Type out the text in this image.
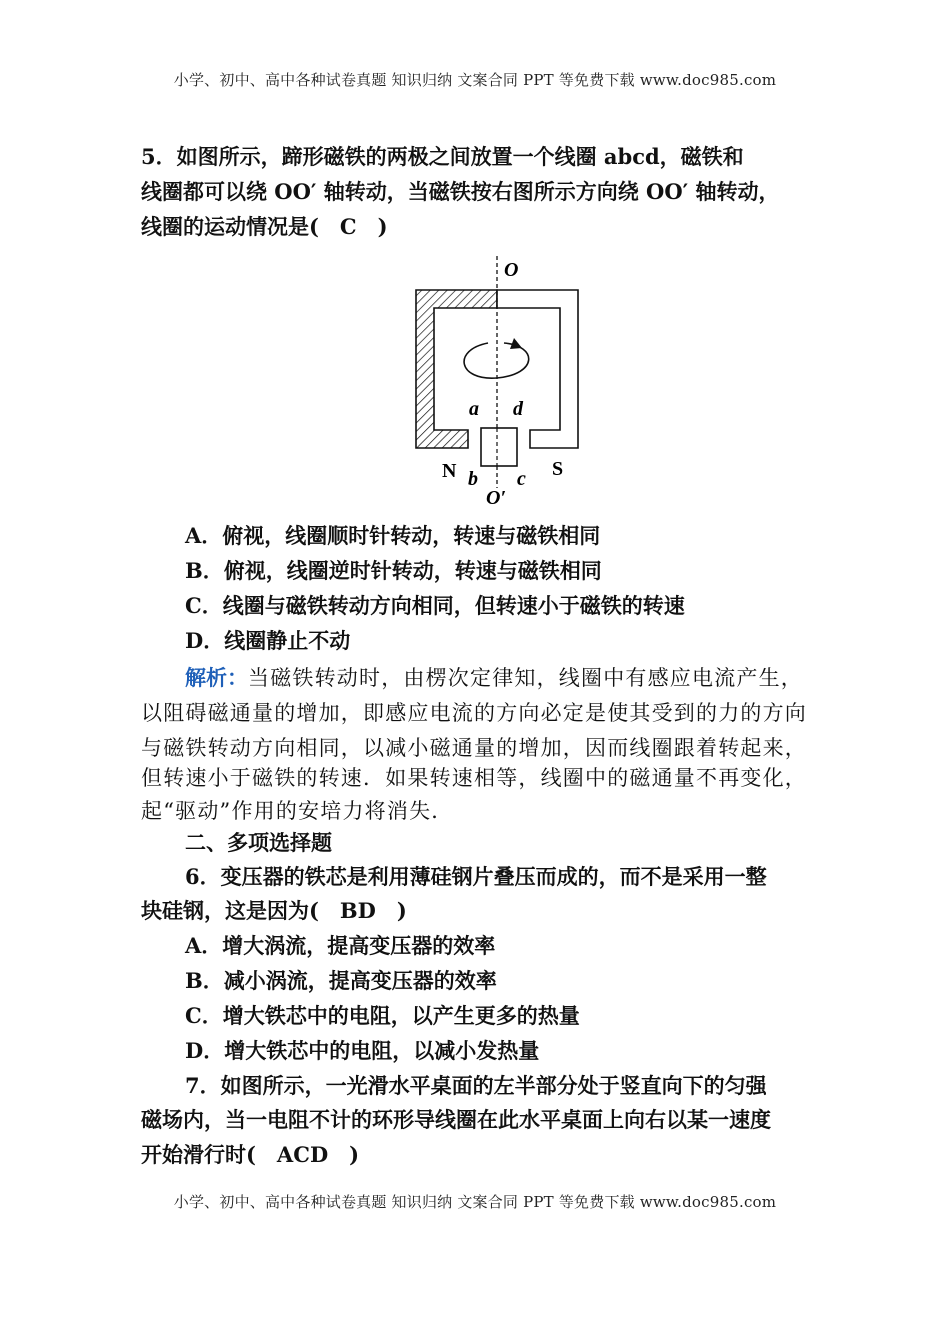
小学、初中、高中各种试卷真题 知识归纳 文案合同 PPT 等免费下载 www.doc985.com
5．如图所示，蹄形磁铁的两极之间放置一个线圈 abcd，磁铁和
线圈都可以绕 OO′ 轴转动，当磁铁按右图所示方向绕 OO′ 轴转动，
线圈的运动情况是(　C　)
O
a d
N	S
b c
O′
A．俯视，线圈顺时针转动，转速与磁铁相同
B．俯视，线圈逆时针转动，转速与磁铁相同
C．线圈与磁铁转动方向相同，但转速小于磁铁的转速
D．线圈静止不动
解析：当磁铁转动时，由楞次定律知，线圈中有感应电流产生，
以阻碍磁通量的增加，即感应电流的方向必定是使其受到的力的方向
与磁铁转动方向相同，以减小磁通量的增加，因而线圈跟着转起来，
但转速小于磁铁的转速．如果转速相等，线圈中的磁通量不再变化，
起“驱动”作用的安培力将消失．
二、多项选择题
6．变压器的铁芯是利用薄硅钢片叠压而成的，而不是采用一整
块硅钢，这是因为(　BD　)
A．增大涡流，提高变压器的效率
B．减小涡流，提高变压器的效率
C．增大铁芯中的电阻，以产生更多的热量
D．增大铁芯中的电阻，以减小发热量
7．如图所示，一光滑水平桌面的左半部分处于竖直向下的匀强
磁场内，当一电阻不计的环形导线圈在此水平桌面上向右以某一速度
开始滑行时(　ACD　)
小学、初中、高中各种试卷真题 知识归纳 文案合同 PPT 等免费下载 www.doc985.com
